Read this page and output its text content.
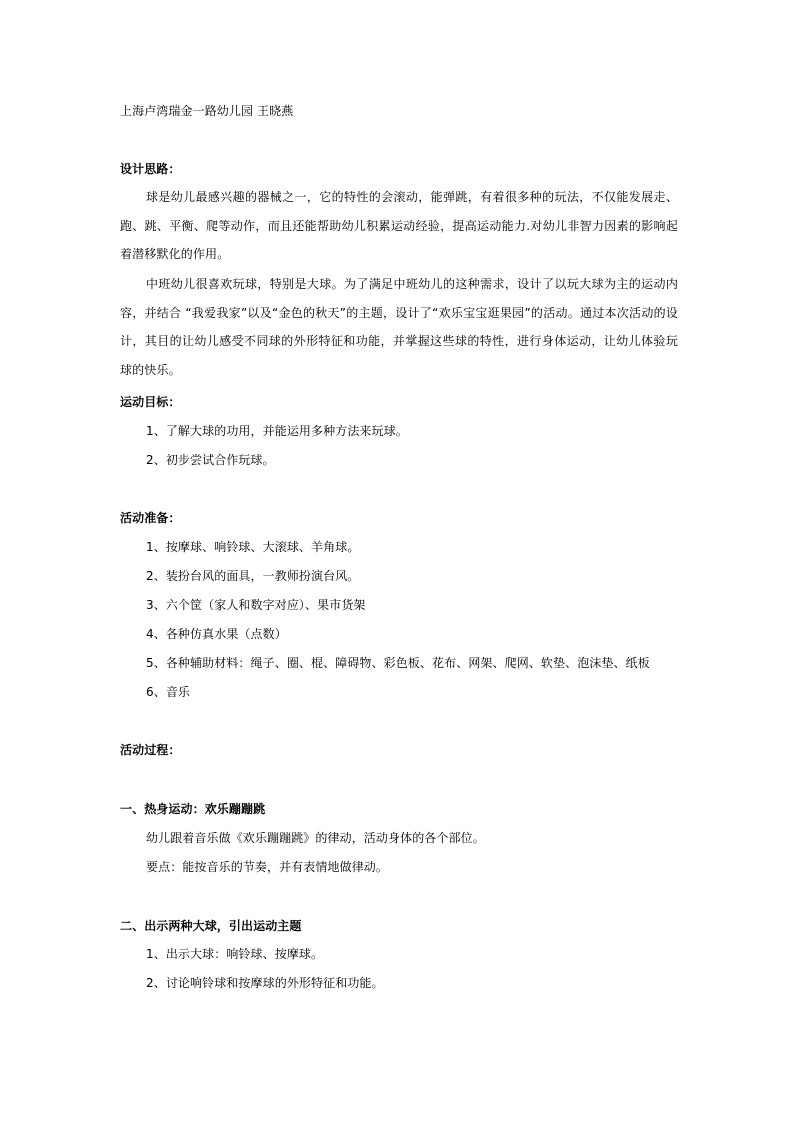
上海卢湾瑞金一路幼儿园 王晓燕
设计思路：
球是幼儿最感兴趣的器械之一，它的特性的会滚动，能弹跳，有着很多种的玩法，不仅能发展走、跑、跳、平衡、爬等动作，而且还能帮助幼儿积累运动经验，提高运动能力.对幼儿非智力因素的影响起着潜移默化的作用。
中班幼儿很喜欢玩球，特别是大球。为了满足中班幼儿的这种需求，设计了以玩大球为主的运动内容，并结合 “我爱我家”以及“金色的秋天”的主题，设计了“欢乐宝宝逛果园”的活动。通过本次活动的设计，其目的让幼儿感受不同球的外形特征和功能，并掌握这些球的特性，进行身体运动，让幼儿体验玩球的快乐。
运动目标：
1、了解大球的功用，并能运用多种方法来玩球。
2、初步尝试合作玩球。
活动准备：
1、按摩球、响铃球、大滚球、羊角球。
2、装扮台风的面具，一教师扮演台风。
3、六个筐（家人和数字对应）、果市货架
4、各种仿真水果（点数）
5、各种辅助材料：绳子、圈、棍、障碍物、彩色板、花布、网架、爬网、软垫、泡沫垫、纸板
6、音乐
活动过程：
一、热身运动：欢乐蹦蹦跳
幼儿跟着音乐做《欢乐蹦蹦跳》的律动，活动身体的各个部位。
要点：能按音乐的节奏，并有表情地做律动。
二、出示两种大球，引出运动主题
1、出示大球：响铃球、按摩球。
2、讨论响铃球和按摩球的外形特征和功能。
